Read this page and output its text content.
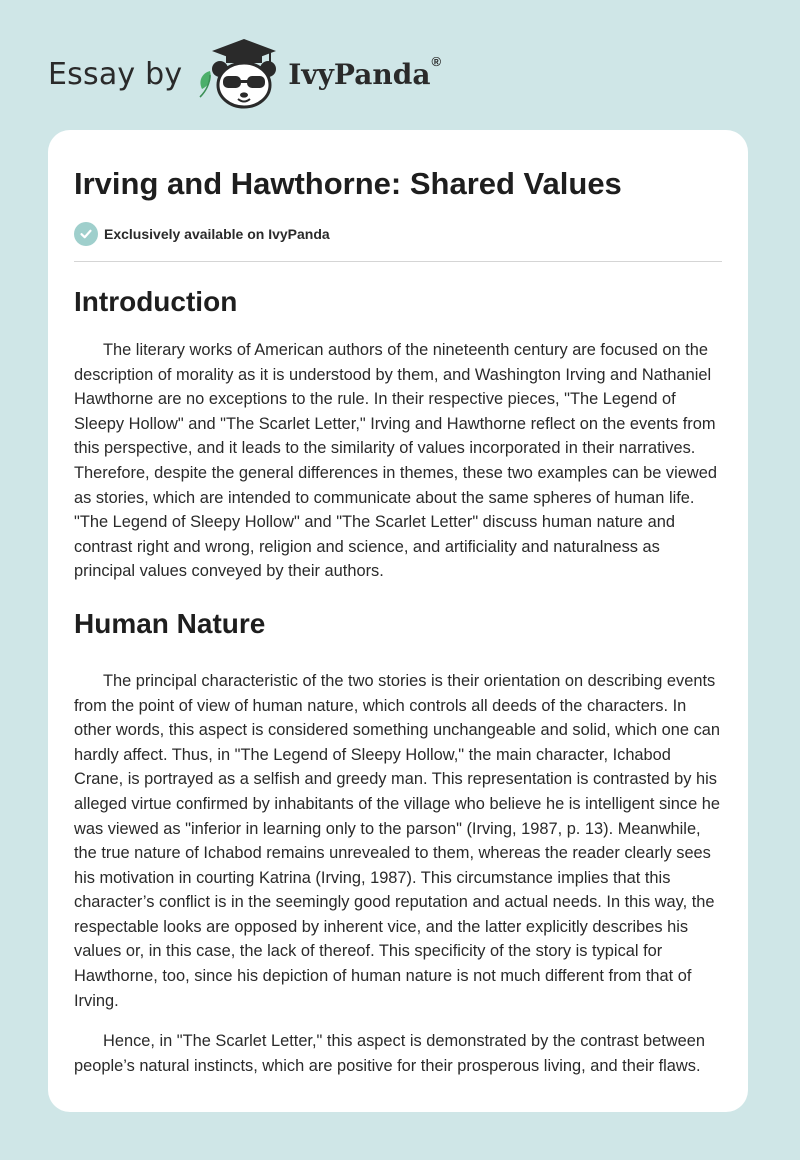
Essay by	IvyPanda®
Irving and Hawthorne: Shared Values
Exclusively available on IvyPanda
Introduction

The literary works of American authors of the nineteenth century are focused on the description of morality as it is understood by them, and Washington Irving and Nathaniel Hawthorne are no exceptions to the rule. In their respective pieces, "The Legend of Sleepy Hollow" and "The Scarlet Letter," Irving and Hawthorne reflect on the events from this perspective, and it leads to the similarity of values incorporated in their narratives. Therefore, despite the general differences in themes, these two examples can be viewed as stories, which are intended to communicate about the same spheres of human life. "The Legend of Sleepy Hollow" and "The Scarlet Letter" discuss human nature and contrast right and wrong, religion and science, and artificiality and naturalness as principal values conveyed by their authors.

Human Nature

The principal characteristic of the two stories is their orientation on describing events from the point of view of human nature, which controls all deeds of the characters. In other words, this aspect is considered something unchangeable and solid, which one can hardly affect. Thus, in "The Legend of Sleepy Hollow," the main character, Ichabod Crane, is portrayed as a selfish and greedy man. This representation is contrasted by his alleged virtue confirmed by inhabitants of the village who believe he is intelligent since he was viewed as "inferior in learning only to the parson" (Irving, 1987, p. 13). Meanwhile, the true nature of Ichabod remains unrevealed to them, whereas the reader clearly sees his motivation in courting Katrina (Irving, 1987). This circumstance implies that this character’s conflict is in the seemingly good reputation and actual needs. In this way, the respectable looks are opposed by inherent vice, and the latter explicitly describes his values or, in this case, the lack of thereof. This specificity of the story is typical for Hawthorne, too, since his depiction of human nature is not much different from that of Irving.

Hence, in "The Scarlet Letter," this aspect is demonstrated by the contrast between people’s natural instincts, which are positive for their prosperous living, and their flaws.
